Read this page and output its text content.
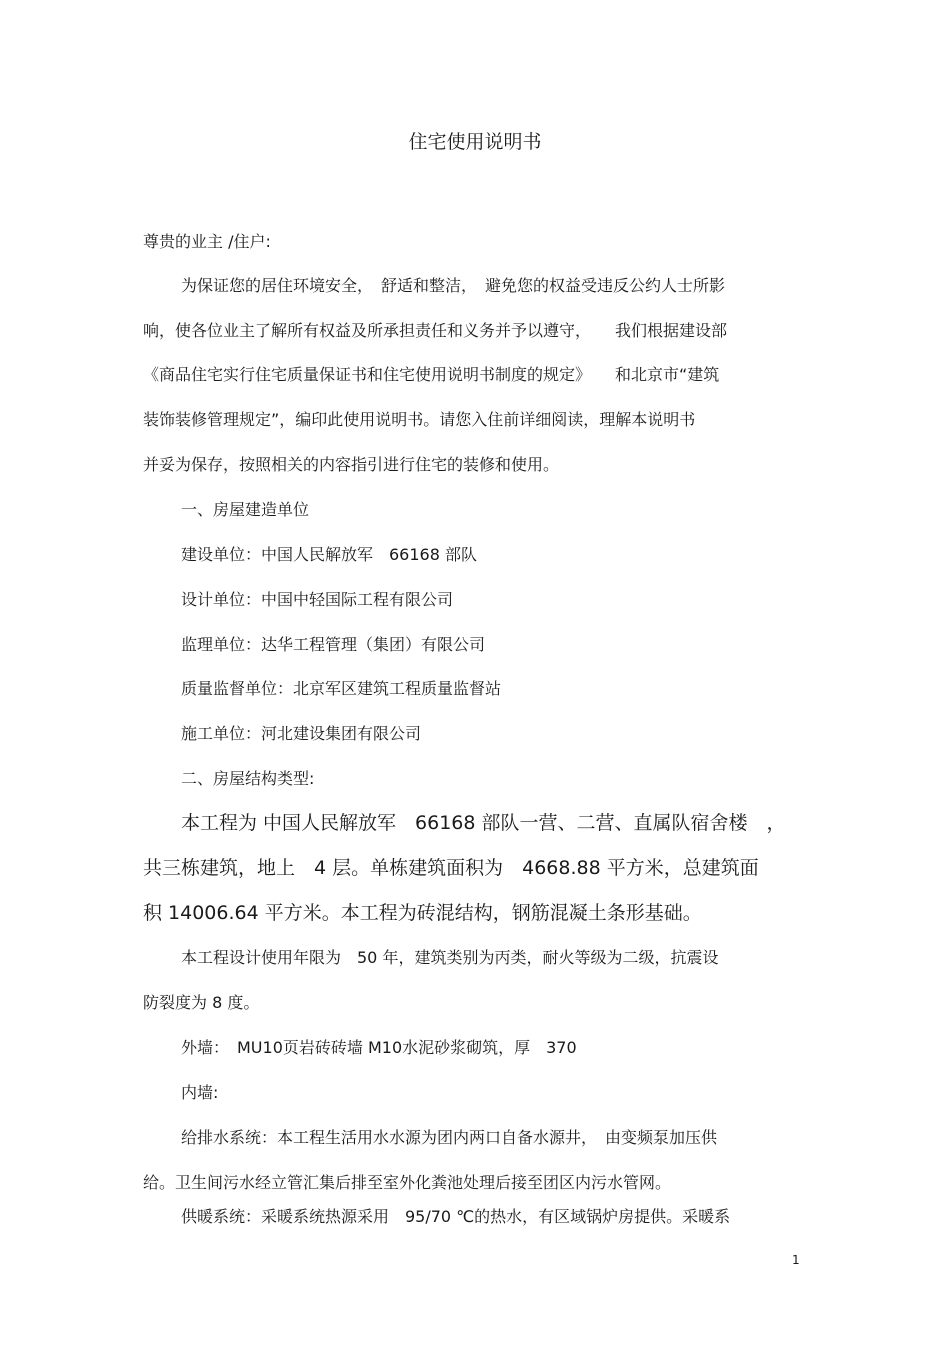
住宅使用说明书
尊贵的业主 /住户:
为保证您的居住环境安全，　舒适和整洁，　避免您的权益受违反公约人士所影
响，使各位业主了解所有权益及所承担责任和义务并予以遵守，　　我们根据建设部
《商品住宅实行住宅质量保证书和住宅使用说明书制度的规定》　　和北京市“建筑
装饰装修管理规定”，编印此使用说明书。请您入住前详细阅读，理解本说明书
并妥为保存，按照相关的内容指引进行住宅的装修和使用。
一、房屋建造单位
建设单位：中国人民解放军　66168 部队
设计单位：中国中轻国际工程有限公司
监理单位：达华工程管理（集团）有限公司
质量监督单位：北京军区建筑工程质量监督站
施工单位：河北建设集团有限公司
二、房屋结构类型:
本工程为 中国人民解放军　66168 部队一营、二营、直属队宿舍楼　，
共三栋建筑，地上　4 层。单栋建筑面积为　4668.88 平方米，总建筑面
积 14006.64 平方米。本工程为砖混结构，钢筋混凝土条形基础。
本工程设计使用年限为　50 年，建筑类别为丙类，耐火等级为二级，抗震设
防裂度为 8 度。
外墙：　MU10页岩砖砖墙 M10水泥砂浆砌筑，厚　370
内墙:
给排水系统：本工程生活用水水源为团内两口自备水源井，　由变频泵加压供
给。卫生间污水经立管汇集后排至室外化粪池处理后接至团区内污水管网。
供暖系统：采暖系统热源采用　95/70 ℃的热水，有区域锅炉房提供。采暖系
1
